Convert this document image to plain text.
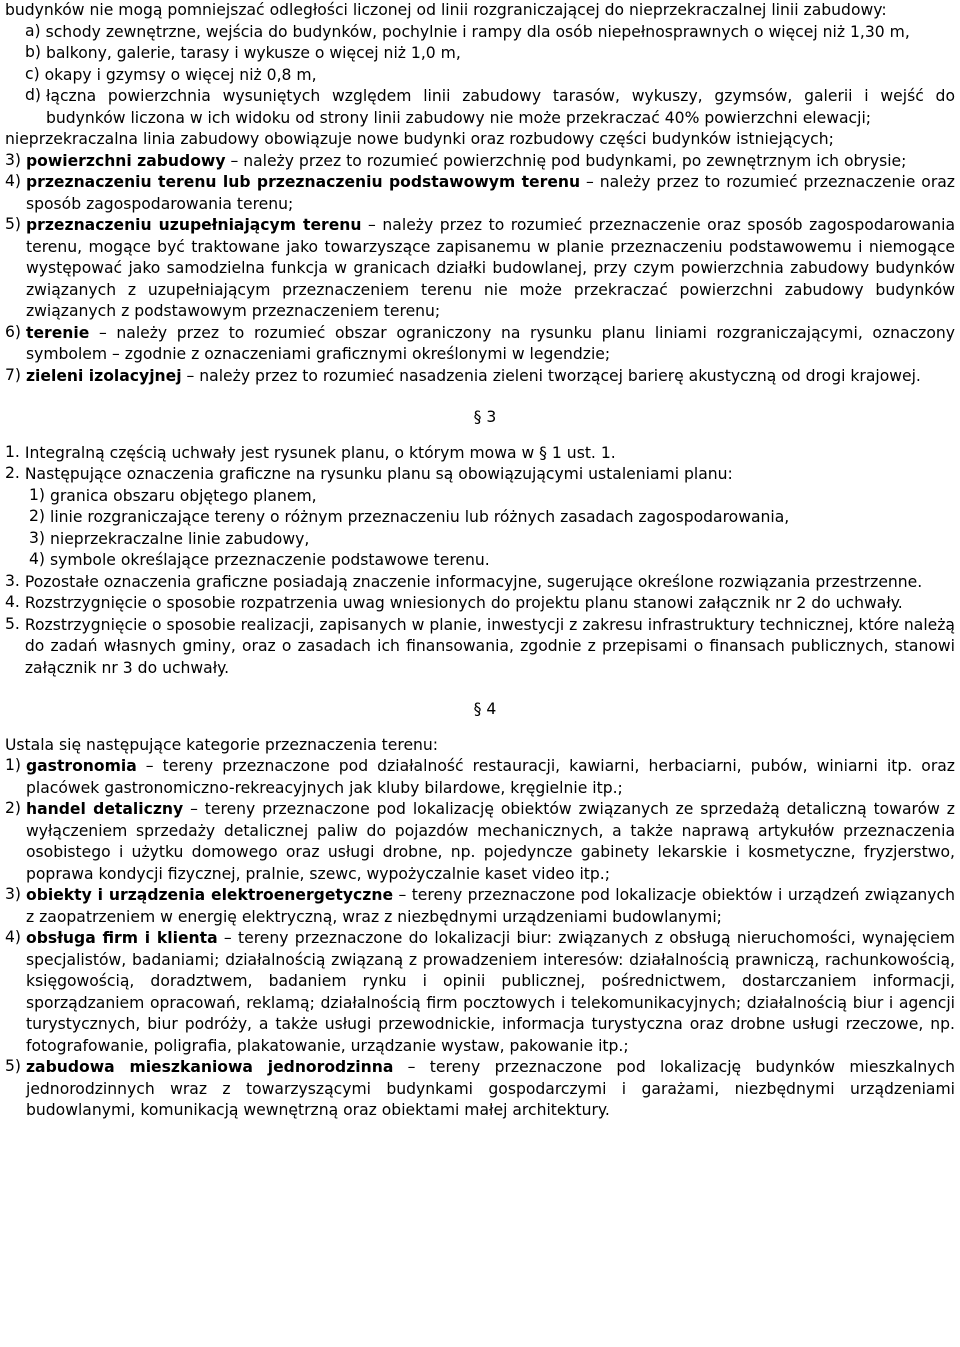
budynków nie mogą pomniejszać odległości liczonej od linii rozgraniczającej do nieprzekraczalnej linii zabudowy:

a)
schody zewnętrzne, wejścia do budynków, pochylnie i rampy dla osób niepełnosprawnych o więcej niż 1,30 m,
b)
balkony, galerie, tarasy i wykusze o więcej niż 1,0 m,
c)
okapy i gzymsy o więcej niż 0,8 m,
d)
łączna powierzchnia wysuniętych względem linii zabudowy tarasów, wykuszy, gzymsów, galerii i wejść do budynków liczona w ich widoku od strony linii zabudowy nie może przekraczać 40% powierzchni elewacji;

nieprzekraczalna linia zabudowy obowiązuje nowe budynki oraz rozbudowy części budynków istniejących;

3)
powierzchni zabudowy – należy przez to rozumieć powierzchnię pod budynkami, po zewnętrznym ich obrysie;
4)
przeznaczeniu terenu lub przeznaczeniu podstawowym terenu – należy przez to rozumieć przeznaczenie oraz sposób zagospodarowania terenu;
5)
przeznaczeniu uzupełniającym terenu – należy przez to rozumieć przeznaczenie oraz sposób zagospodarowania terenu, mogące być traktowane jako towarzyszące zapisanemu w planie przeznaczeniu podstawowemu i niemogące występować jako samodzielna funkcja w granicach działki budowlanej, przy czym powierzchnia zabudowy budynków związanych z uzupełniającym przeznaczeniem terenu nie może przekraczać powierzchni zabudowy budynków związanych z podstawowym przeznaczeniem terenu;
6)
terenie – należy przez to rozumieć obszar ograniczony na rysunku planu liniami rozgraniczającymi, oznaczony symbolem – zgodnie z oznaczeniami graficznymi określonymi w legendzie;
7)
zieleni izolacyjnej – należy przez to rozumieć nasadzenia zieleni tworzącej barierę akustyczną od drogi krajowej.
§ 3
1.
Integralną częścią uchwały jest rysunek planu, o którym mowa w § 1 ust. 1.
2.
Następujące oznaczenia graficzne na rysunku planu są obowiązującymi ustaleniami planu:
1)
granica obszaru objętego planem,
2)
linie rozgraniczające tereny o różnym przeznaczeniu lub różnych zasadach zagospodarowania,
3)
nieprzekraczalne linie zabudowy,
4)
symbole określające przeznaczenie podstawowe terenu.
3.
Pozostałe oznaczenia graficzne posiadają znaczenie informacyjne, sugerujące określone rozwiązania przestrzenne.
4.
Rozstrzygnięcie o sposobie rozpatrzenia uwag wniesionych do projektu planu stanowi załącznik nr 2 do uchwały.
5.
Rozstrzygnięcie o sposobie realizacji, zapisanych w planie, inwestycji z zakresu infrastruktury technicznej, które należą do zadań własnych gminy, oraz o zasadach ich finansowania, zgodnie z przepisami o finansach publicznych, stanowi załącznik nr 3 do uchwały.
§ 4

Ustala się następujące kategorie przeznaczenia terenu:

1)
gastronomia – tereny przeznaczone pod działalność restauracji, kawiarni, herbaciarni, pubów, winiarni itp. oraz placówek gastronomiczno-rekreacyjnych jak kluby bilardowe, kręgielnie itp.;
2)
handel detaliczny – tereny przeznaczone pod lokalizację obiektów związanych ze sprzedażą detaliczną towarów z wyłączeniem sprzedaży detalicznej paliw do pojazdów mechanicznych, a także naprawą artykułów przeznaczenia osobistego i użytku domowego oraz usługi drobne, np. pojedyncze gabinety lekarskie i kosmetyczne, fryzjerstwo, poprawa kondycji fizycznej, pralnie, szewc, wypożyczalnie kaset video itp.;
3)
obiekty i urządzenia elektroenergetyczne – tereny przeznaczone pod lokalizacje obiektów i urządzeń związanych z zaopatrzeniem w energię elektryczną, wraz z niezbędnymi urządzeniami budowlanymi;
4)
obsługa firm i klienta – tereny przeznaczone do lokalizacji biur: związanych z obsługą nieruchomości, wynajęciem specjalistów, badaniami; działalnością związaną z prowadzeniem interesów: działalnością prawniczą, rachunkowością, księgowością, doradztwem, badaniem rynku i opinii publicznej, pośrednictwem, dostarczaniem informacji, sporządzaniem opracowań, reklamą; działalnością firm pocztowych i telekomunikacyjnych; działalnością biur i agencji turystycznych, biur podróży, a także usługi przewodnickie, informacja turystyczna oraz drobne usługi rzeczowe, np. fotografowanie, poligrafia, plakatowanie, urządzanie wystaw, pakowanie itp.;
5)
zabudowa mieszkaniowa jednorodzinna – tereny przeznaczone pod lokalizację budynków mieszkalnych jednorodzinnych wraz z towarzyszącymi budynkami gospodarczymi i garażami, niezbędnymi urządzeniami budowlanymi, komunikacją wewnętrzną oraz obiektami małej architektury.
